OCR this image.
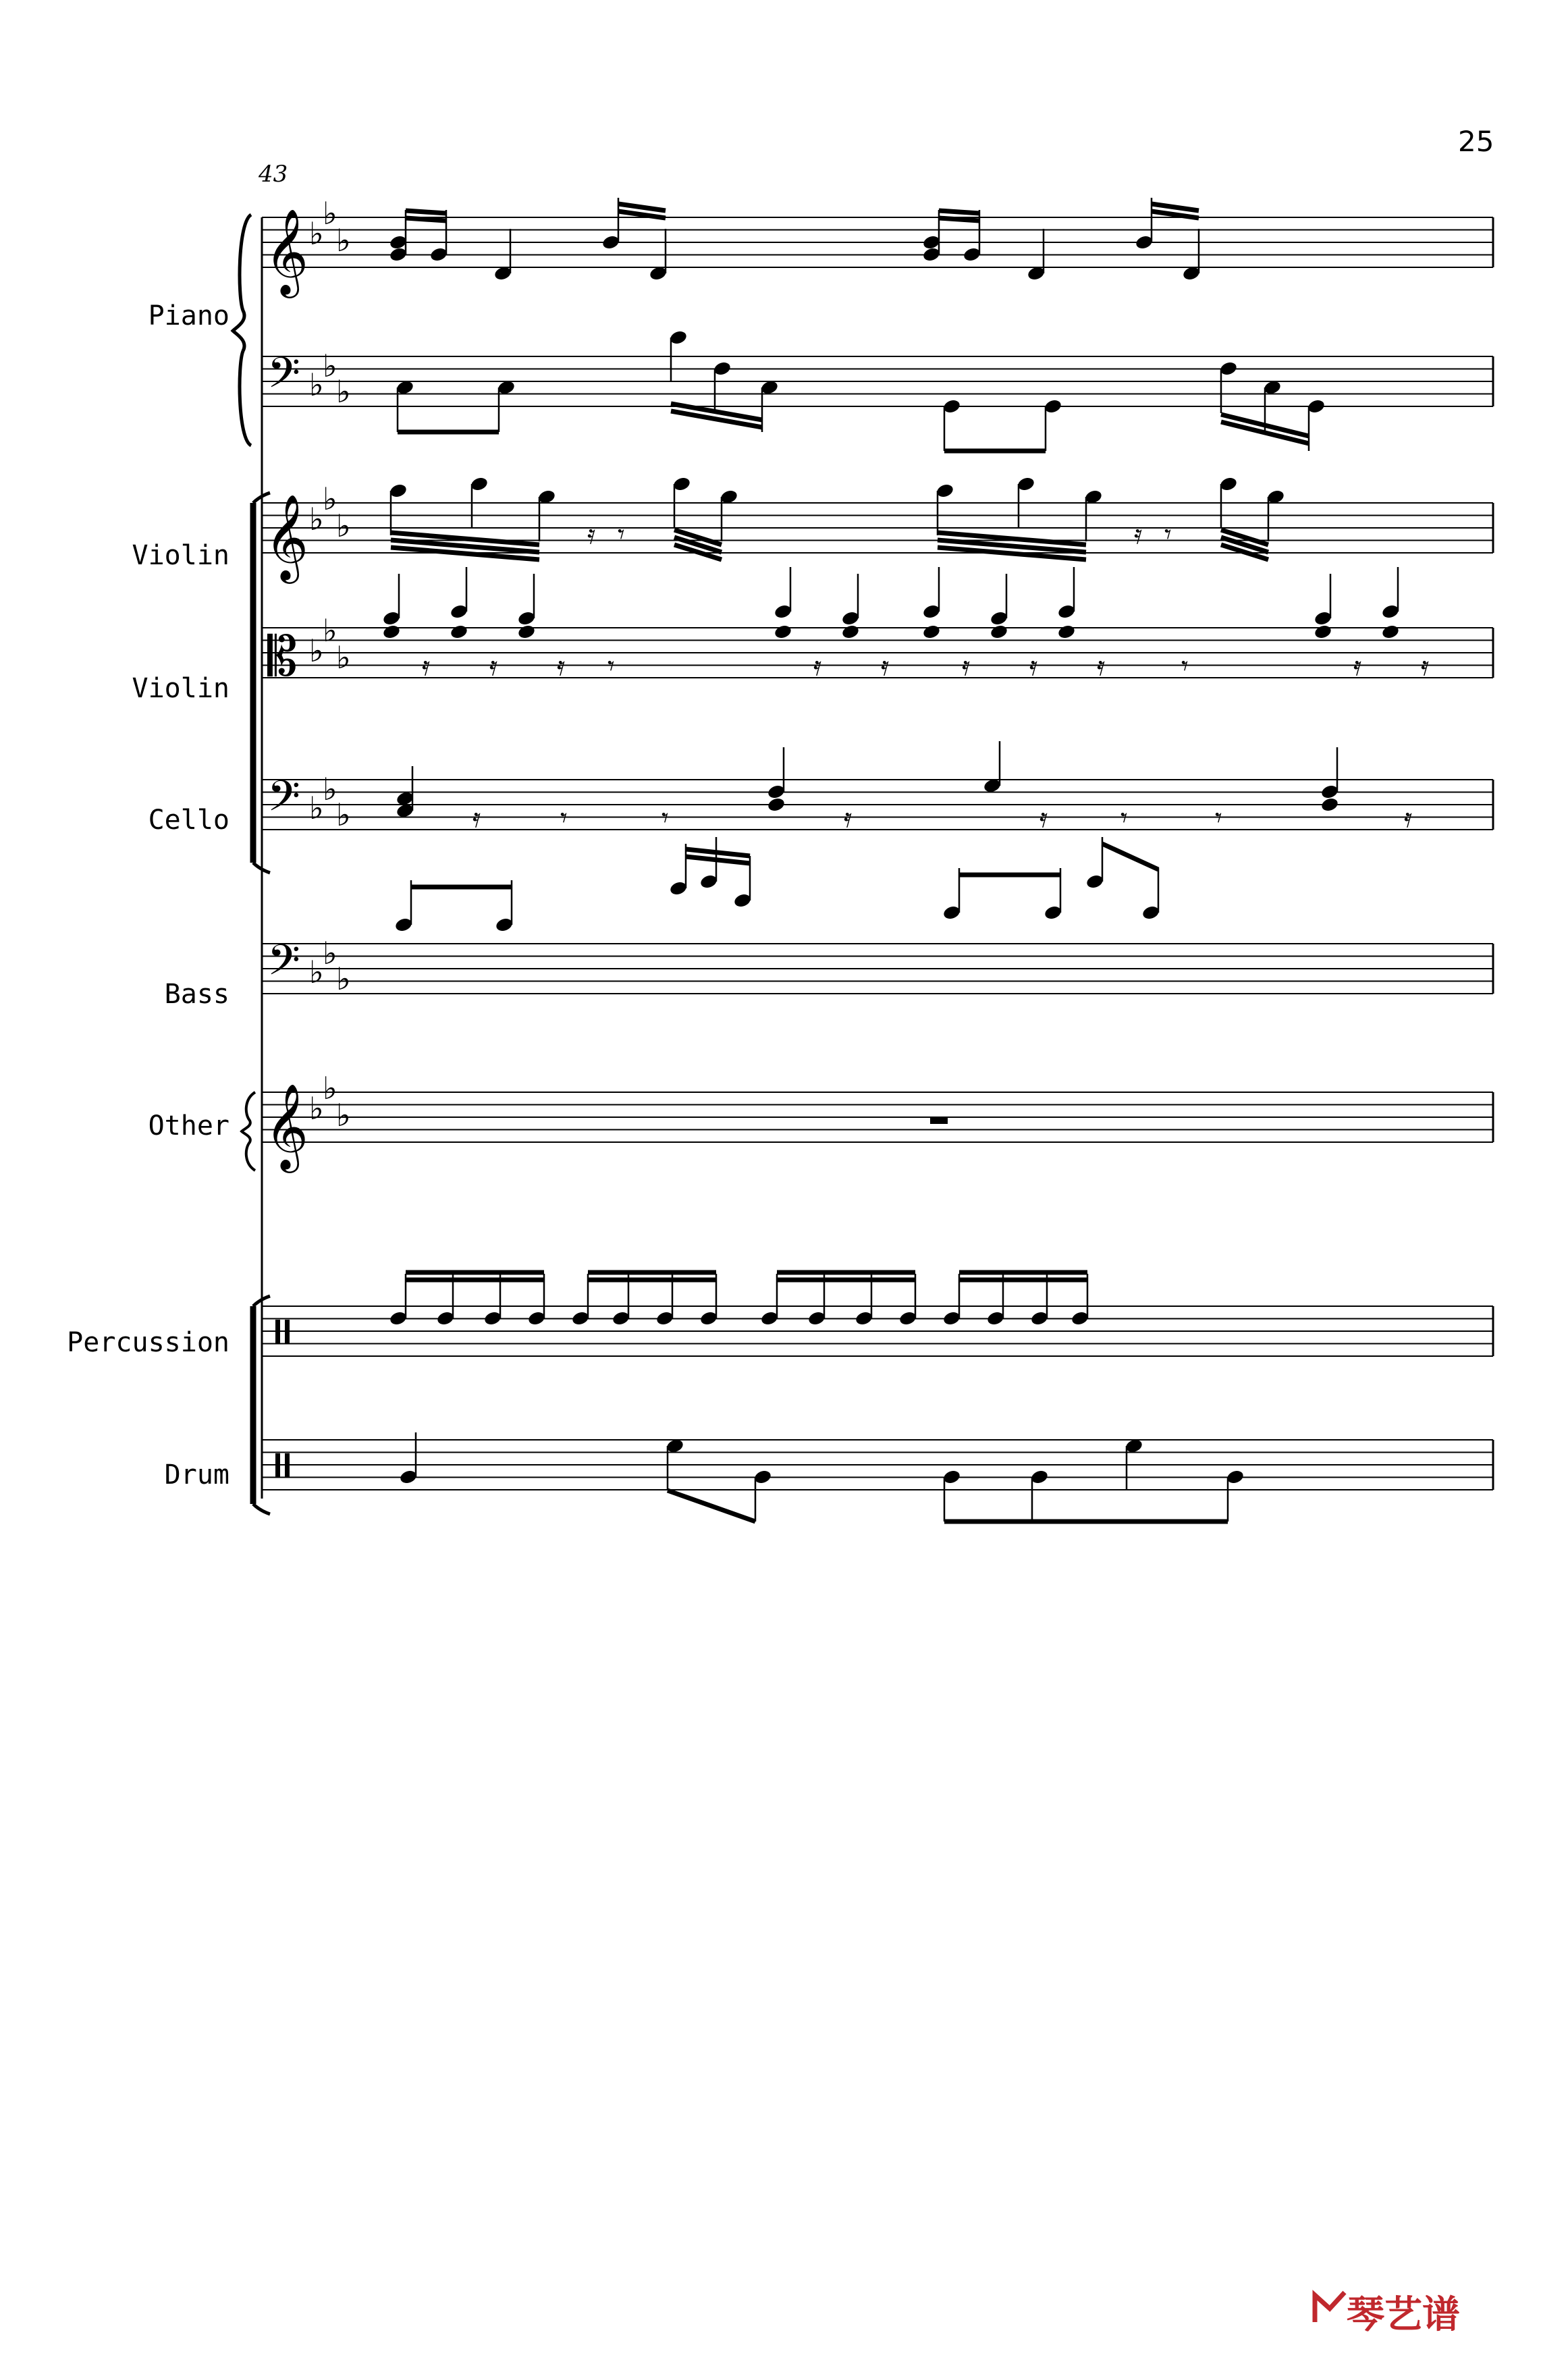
25
43
Piano
Violin
Violin
Cello
Bass
Other
Percussion
Drum
𝄞
𝄢
𝄞
𝄡
𝄢
𝄢
𝄞
♭
♭
♭
♭
♭
♭
♭
♭
♭
♭
♭
♭
♭
♭
♭
♭
♭
♭
♭
♭
♭
𝄿 𝄾	𝄿 𝄾
𝄿 𝄿 𝄿	𝄿 𝄿	𝄿 𝄿 𝄿	𝄿 𝄿
𝄾	𝄾
𝄿	𝄾	𝄾	𝄿	𝄿	𝄾	𝄾	𝄿
琴艺谱
